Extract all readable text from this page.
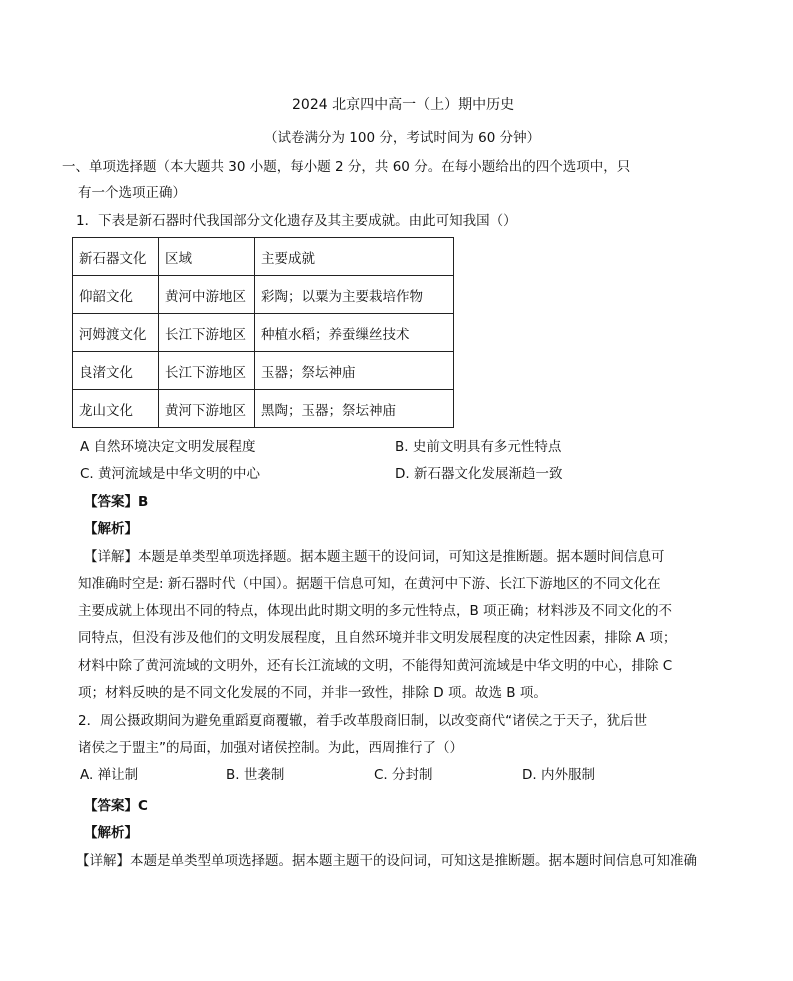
2024 北京四中高一（上）期中历史
（试卷满分为 100 分，考试时间为 60 分钟）
一、单项选择题（本大题共 30 小题，每小题 2 分，共 60 分。在每小题给出的四个选项中，只
有一个选项正确）
1．下表是新石器时代我国部分文化遗存及其主要成就。由此可知我国（）
新石器文化	区域	主要成就
仰韶文化	黄河中游地区	彩陶；以粟为主要栽培作物
河姆渡文化	长江下游地区	种植水稻；养蚕缫丝技术
良渚文化	长江下游地区	玉器；祭坛神庙
龙山文化	黄河下游地区	黑陶；玉器；祭坛神庙
A 自然环境决定文明发展程度	B. 史前文明具有多元性特点
C. 黄河流域是中华文明的中心	D. 新石器文化发展渐趋一致
【答案】B
【解析】
【详解】本题是单类型单项选择题。据本题主题干的设问词，可知这是推断题。据本题时间信息可
知准确时空是: 新石器时代（中国）。据题干信息可知，在黄河中下游、长江下游地区的不同文化在
主要成就上体现出不同的特点，体现出此时期文明的多元性特点，B 项正确；材料涉及不同文化的不
同特点，但没有涉及他们的文明发展程度，且自然环境并非文明发展程度的决定性因素，排除 A 项；
材料中除了黄河流域的文明外，还有长江流域的文明，不能得知黄河流域是中华文明的中心，排除 C
项；材料反映的是不同文化发展的不同，并非一致性，排除 D 项。故选 B 项。
2．周公摄政期间为避免重蹈夏商覆辙，着手改革殷商旧制，以改变商代“诸侯之于天子，犹后世
诸侯之于盟主”的局面，加强对诸侯控制。为此，西周推行了（）
A. 禅让制	B. 世袭制	C. 分封制	D. 内外服制
【答案】C
【解析】
【详解】本题是单类型单项选择题。据本题主题干的设问词，可知这是推断题。据本题时间信息可知准确
